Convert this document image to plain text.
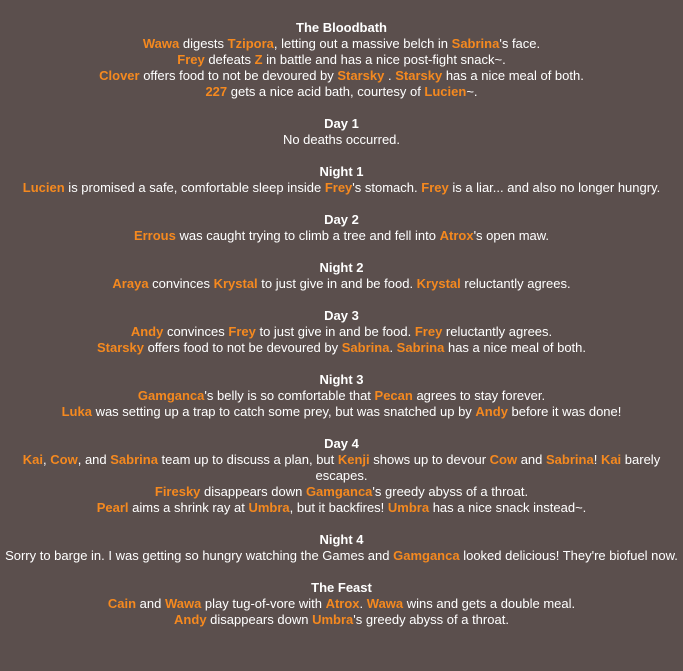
The Bloodbath
Wawa digests Tzipora, letting out a massive belch in Sabrina's face.
Frey defeats Z in battle and has a nice post-fight snack~.
Clover offers food to not be devoured by Starsky . Starsky has a nice meal of both.
227 gets a nice acid bath, courtesy of Lucien~.
Day 1
No deaths occurred.
Night 1
Lucien is promised a safe, comfortable sleep inside Frey's stomach. Frey is a liar... and also no longer hungry.
Day 2
Errous was caught trying to climb a tree and fell into Atrox's open maw.
Night 2
Araya convinces Krystal to just give in and be food. Krystal reluctantly agrees.
Day 3
Andy convinces Frey to just give in and be food. Frey reluctantly agrees.
Starsky offers food to not be devoured by Sabrina. Sabrina has a nice meal of both.
Night 3
Gamganca's belly is so comfortable that Pecan agrees to stay forever.
Luka was setting up a trap to catch some prey, but was snatched up by Andy before it was done!
Day 4
Kai, Cow, and Sabrina team up to discuss a plan, but Kenji shows up to devour Cow and Sabrina! Kai barely escapes.
Firesky disappears down Gamganca's greedy abyss of a throat.
Pearl aims a shrink ray at Umbra, but it backfires! Umbra has a nice snack instead~.
Night 4
Sorry to barge in. I was getting so hungry watching the Games and Gamganca looked delicious! They're biofuel now.
The Feast
Cain and Wawa play tug-of-vore with Atrox. Wawa wins and gets a double meal.
Andy disappears down Umbra's greedy abyss of a throat.
